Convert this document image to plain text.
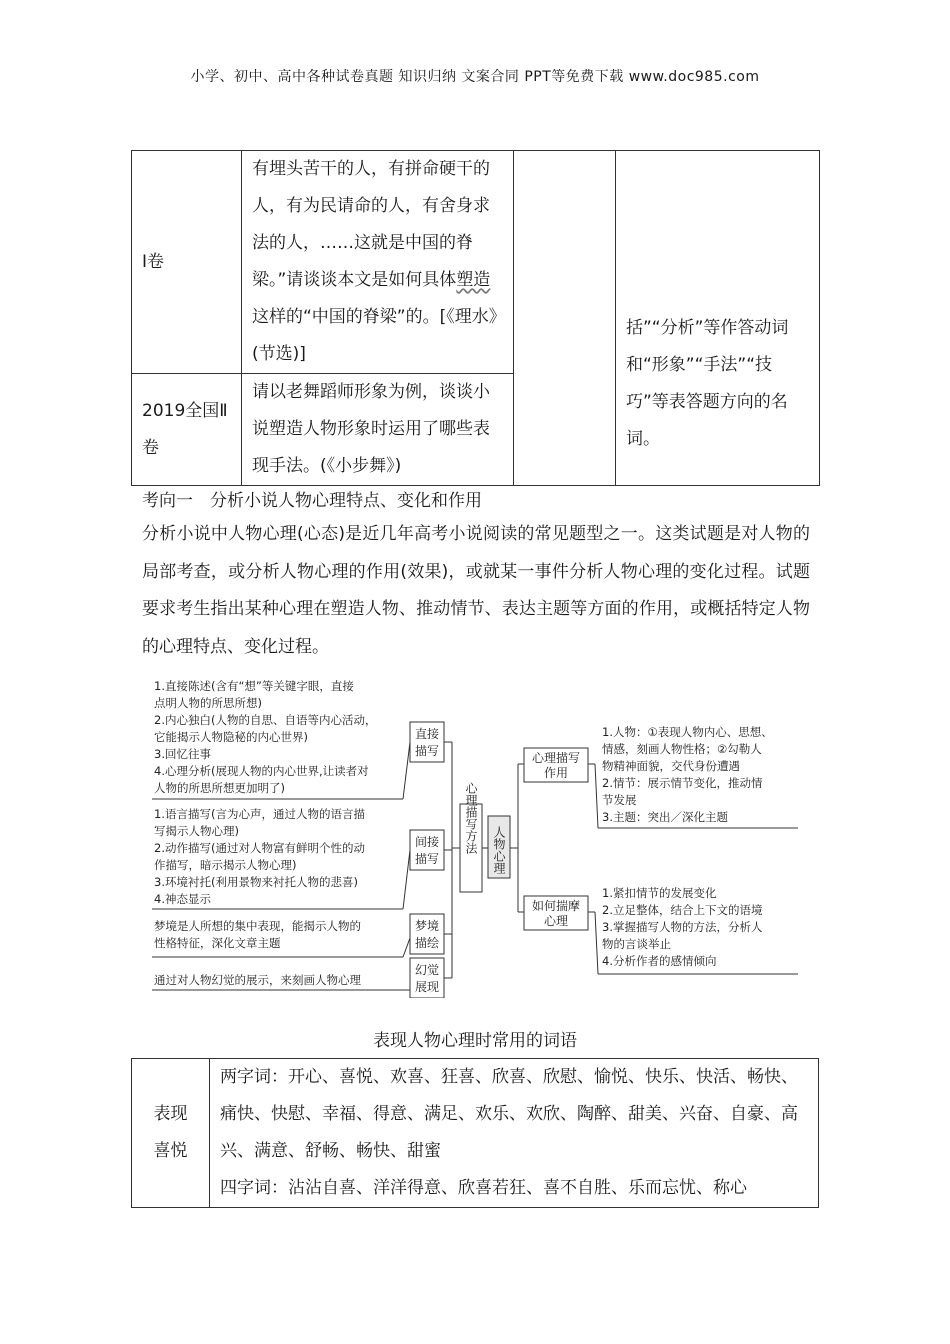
小学、初中、高中各种试卷真题 知识归纳 文案合同 PPT等免费下载 www.doc985.com
Ⅰ卷	有埋头苦干的人，有拼命硬干的人，有为民请命的人，有舍身求法的人，……这就是中国的脊梁。”请谈谈本文是如何具体塑造这样的“中国的脊梁”的。[《理水》(节选)]		括”“分析”等作答动词和“形象”“手法”“技巧”等表答题方向的名词。
2019全国Ⅱ卷	请以老舞蹈师形象为例，谈谈小说塑造人物形象时运用了哪些表现手法。(《小步舞》)		
考向一　分析小说人物心理特点、变化和作用
分析小说中人物心理(心态)是近几年高考小说阅读的常见题型之一。这类试题是对人物的局部考查，或分析人物心理的作用(效果)，或就某一事件分析人物心理的变化过程。试题要求考生指出某种心理在塑造人物、推动情节、表达主题等方面的作用，或概括特定人物的心理特点、变化过程。
1.直接陈述(含有“想”等关键字眼，直接
点明人物的所思所想)
2.内心独白(人物的自思、自语等内心活动，
它能揭示人物隐秘的内心世界)
3.回忆往事
4.心理分析(展现人物的内心世界,让读者对
人物的所思所想更加明了)
1.语言描写(言为心声，通过人物的语言描
写揭示人物心理)
2.动作描写(通过对人物富有鲜明个性的动
作描写，暗示揭示人物心理)
3.环境衬托(利用景物来衬托人物的悲喜)
4.神态显示
梦境是人所想的集中表现，能揭示人物的
性格特征，深化文章主题
通过对人物幻觉的展示，来刻画人物心理
1.人物：①表现人物内心、思想、
情感，刻画人物性格；②勾勒人
物精神面貌，交代身份遭遇
2.情节：展示情节变化，推动情
节发展
3.主题：突出／深化主题
1.紧扣情节的发展变化
2.立足整体，结合上下文的语境
3.掌握描写人物的方法，分析人
物的言谈举止
4.分析作者的感情倾向
直接
描写
间接
描写
梦境
描绘
幻觉
展现
心理描写
作用
如何揣摩
心理
心理描写方法 人物心理
表现人物心理时常用的词语
表现喜悦
	两字词：开心、喜悦、欢喜、狂喜、欣喜、欣慰、愉悦、快乐、快活、畅快、痛快、快慰、幸福、得意、满足、欢乐、欢欣、陶醉、甜美、兴奋、自豪、高兴、满意、舒畅、畅快、甜蜜
四字词：沾沾自喜、洋洋得意、欣喜若狂、喜不自胜、乐而忘忧、称心
